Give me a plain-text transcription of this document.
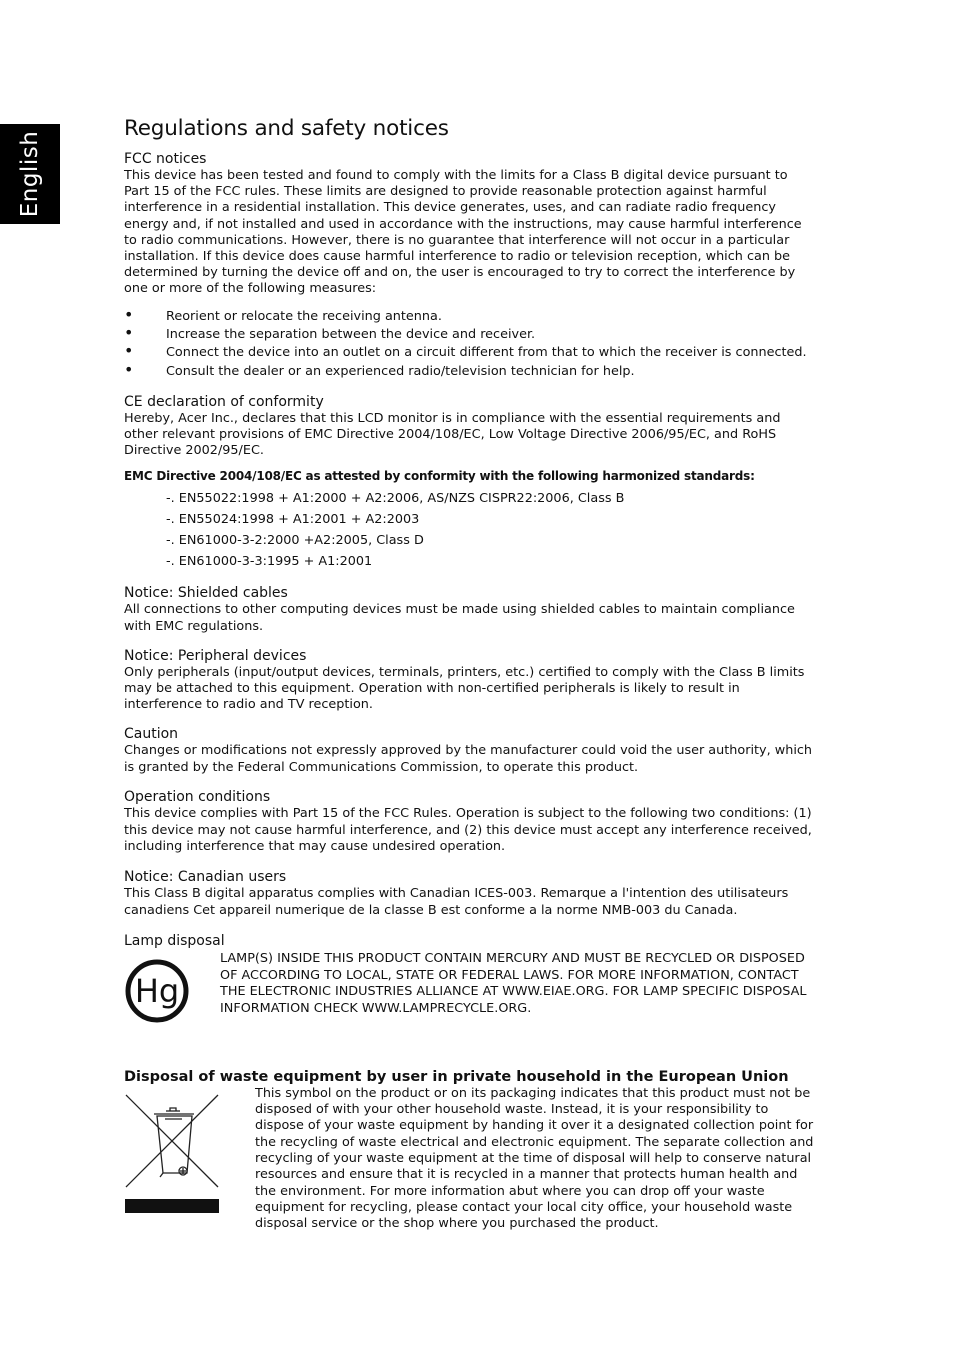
English
Regulations and safety notices
FCC notices

This device has been tested and found to comply with the limits for a Class B digital device pursuant to Part 15 of the FCC rules. These limits are designed to provide reasonable protection against harmful interference in a residential installation. This device generates, uses, and can radiate radio frequency energy and, if not installed and used in accordance with the instructions, may cause harmful interference to radio communications. However, there is no guarantee that interference will not occur in a particular installation. If this device does cause harmful interference to radio or television reception, which can be determined by turning the device off and on, the user is encouraged to try to correct the interference by one or more of the following measures:

• Reorient or relocate the receiving antenna.
• Increase the separation between the device and receiver.
• Connect the device into an outlet on a circuit different from that to which the receiver is connected.
• Consult the dealer or an experienced radio/television technician for help.
CE declaration of conformity

Hereby, Acer Inc., declares that this LCD monitor is in compliance with the essential requirements and other relevant provisions of EMC Directive 2004/108/EC, Low Voltage Directive 2006/95/EC, and RoHS Directive 2002/95/EC.

EMC Directive 2004/108/EC as attested by conformity with the following harmonized standards:
-. EN55022:1998 + A1:2000 + A2:2006, AS/NZS CISPR22:2006, Class B
-. EN55024:1998 + A1:2001 + A2:2003
-. EN61000-3-2:2000 +A2:2005, Class D
-. EN61000-3-3:1995 + A1:2001
Notice: Shielded cables

All connections to other computing devices must be made using shielded cables to maintain compliance with EMC regulations.

Notice: Peripheral devices

Only peripherals (input/output devices, terminals, printers, etc.) certified to comply with the Class B limits may be attached to this equipment. Operation with non-certified peripherals is likely to result in interference to radio and TV reception.

Caution

Changes or modifications not expressly approved by the manufacturer could void the user authority, which is granted by the Federal Communications Commission, to operate this product.

Operation conditions

This device complies with Part 15 of the FCC Rules. Operation is subject to the following two conditions: (1) this device may not cause harmful interference, and (2) this device must accept any interference received, including interference that may cause undesired operation.

Notice: Canadian users

This Class B digital apparatus complies with Canadian ICES-003. Remarque a l'intention des utilisateurs canadiens Cet appareil numerique de la classe B est conforme a la norme NMB-003 du Canada.

Lamp disposal
Hg

LAMP(S) INSIDE THIS PRODUCT CONTAIN MERCURY AND MUST BE RECYCLED OR DISPOSED OF ACCORDING TO LOCAL, STATE OR FEDERAL LAWS. FOR MORE INFORMATION, CONTACT THE ELECTRONIC INDUSTRIES ALLIANCE AT WWW.EIAE.ORG. FOR LAMP SPECIFIC DISPOSAL INFORMATION CHECK WWW.LAMPRECYCLE.ORG.

Disposal of waste equipment by user in private household in the European Union

This symbol on the product or on its packaging indicates that this product must not be disposed of with your other household waste. Instead, it is your responsibility to dispose of your waste equipment by handing it over it a designated collection point for the recycling of waste electrical and electronic equipment. The separate collection and recycling of your waste equipment at the time of disposal will help to conserve natural resources and ensure that it is recycled in a manner that protects human health and the environment. For more information abut where you can drop off your waste equipment for recycling, please contact your local city office, your household waste disposal service or the shop where you purchased the product.
